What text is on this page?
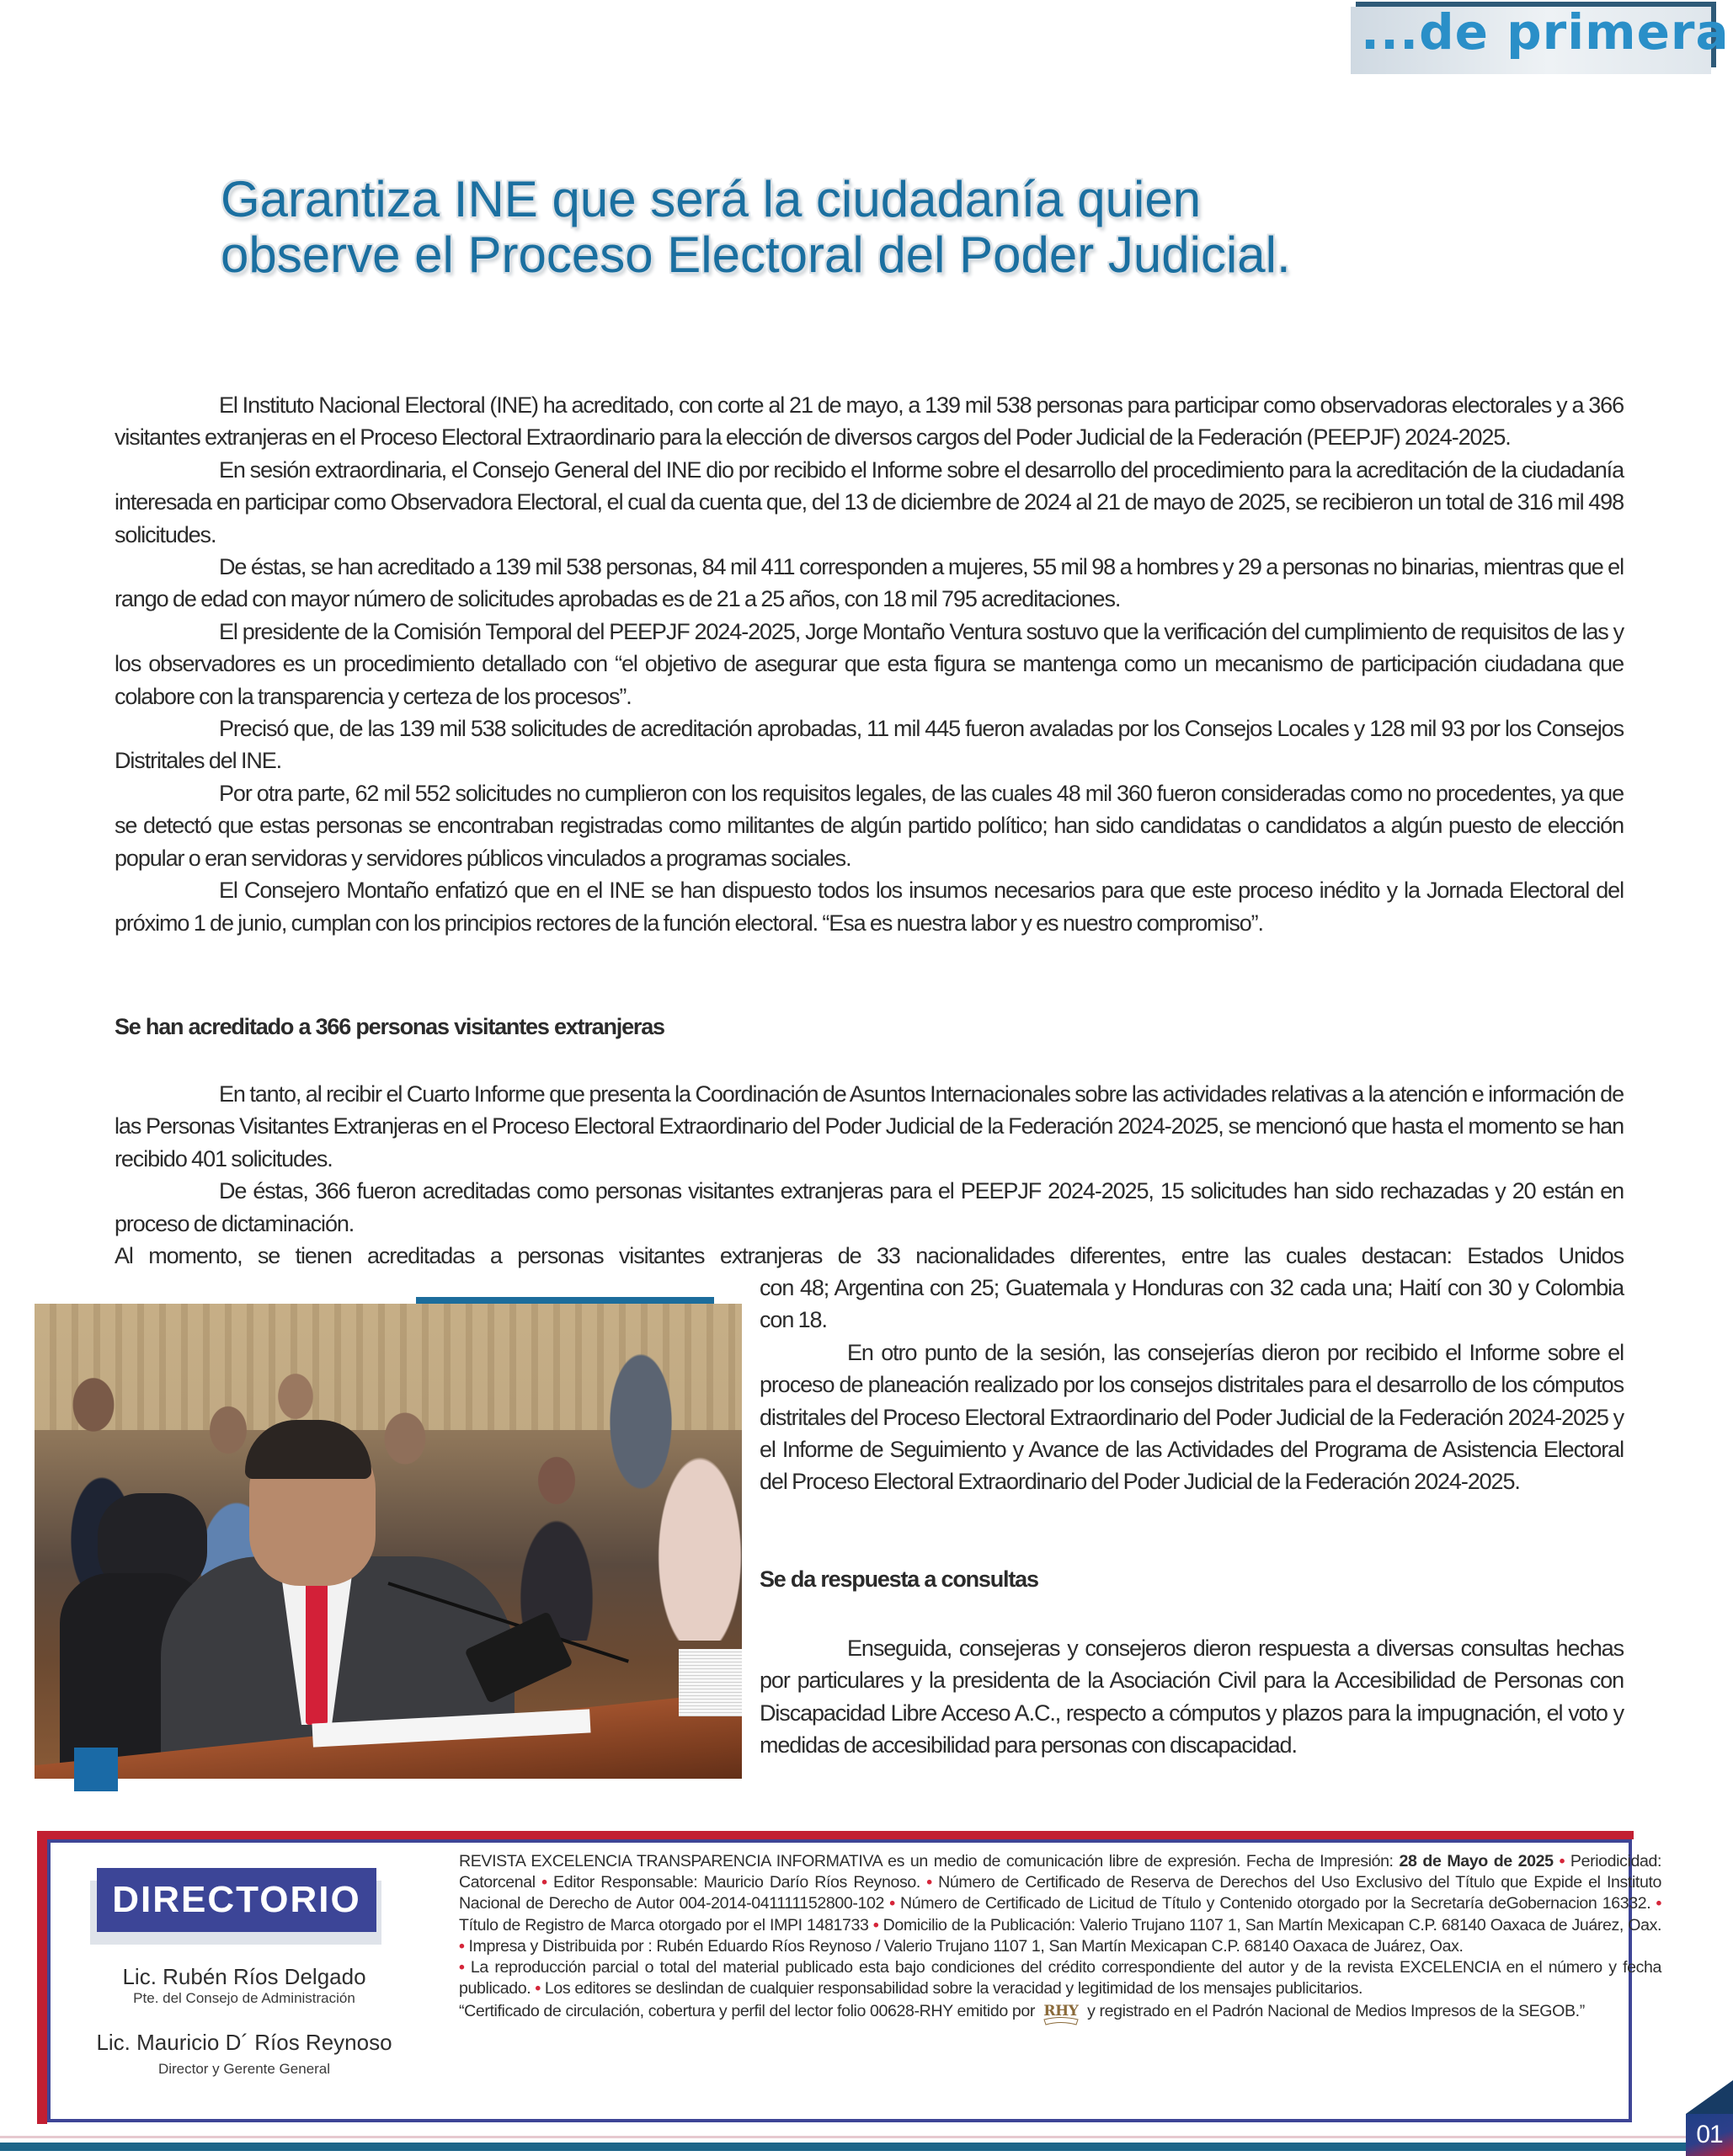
...de primera
Garantiza INE que será la ciudadanía quien
observe el Proceso Electoral del Poder Judicial.

El Instituto Nacional Electoral (INE) ha acreditado, con corte al 21 de mayo, a 139 mil 538 personas para participar como observadoras electorales y a 366 visitantes extranjeras en el Proceso Electoral Extraordinario para la elección de diversos cargos del Poder Judicial de la Federación (PEEPJF) 2024-2025.

En sesión extraordinaria, el Consejo General del INE dio por recibido el Informe sobre el desarrollo del procedimiento para la acreditación de la ciudadanía interesada en participar como Observadora Electoral, el cual da cuenta que, del 13 de diciembre de 2024 al 21 de mayo de 2025, se recibieron un total de 316 mil 498 solicitudes.

De éstas, se han acreditado a 139 mil 538 personas, 84 mil 411 corresponden a mujeres, 55 mil 98 a hombres y 29 a personas no binarias, mientras que el rango de edad con mayor número de solicitudes aprobadas es de 21 a 25 años, con 18 mil 795 acreditaciones.

El presidente de la Comisión Temporal del PEEPJF 2024-2025, Jorge Montaño Ventura sostuvo que la verificación del cumplimiento de requisitos de las y los observadores es un procedimiento detallado con “el objetivo de asegurar que esta figura se mantenga como un mecanismo de participación ciudadana que colabore con la transparencia y certeza de los procesos”.

Precisó que, de las 139 mil 538 solicitudes de acreditación aprobadas, 11 mil 445 fueron avaladas por los Consejos Locales y 128 mil 93 por los Consejos Distritales del INE.

Por otra parte, 62 mil 552 solicitudes no cumplieron con los requisitos legales, de las cuales 48 mil 360 fueron consideradas como no procedentes, ya que se detectó que estas personas se encontraban registradas como militantes de algún partido político; han sido candidatas o candidatos a algún puesto de elección popular o eran servidoras y servidores públicos vinculados a programas sociales.

El Consejero Montaño enfatizó que en el INE se han dispuesto todos los insumos necesarios para que este proceso inédito y la Jornada Electoral del próximo 1 de junio, cumplan con los principios rectores de la función electoral. “Esa es nuestra labor y es nuestro compromiso”.

Se han acreditado a 366 personas visitantes extranjeras

En tanto, al recibir el Cuarto Informe que presenta la Coordinación de Asuntos Internacionales sobre las actividades relativas a la atención e información de las Personas Visitantes Extranjeras en el Proceso Electoral Extraordinario del Poder Judicial de la Federación 2024-2025, se mencionó que hasta el momento se han recibido 401 solicitudes.

De éstas, 366 fueron acreditadas como personas visitantes extranjeras para el PEEPJF 2024-2025, 15 solicitudes han sido rechazadas y 20 están en proceso de dictaminación.

Al momento, se tienen acreditadas a personas visitantes extranjeras de 33 nacionalidades diferentes, entre las cuales destacan: Estados Unidos

con 48; Argentina con 25; Guatemala y Honduras con 32 cada una; Haití con 30 y Colombia con 18.

En otro punto de la sesión, las consejerías dieron por recibido el Informe sobre el proceso de planeación realizado por los consejos distritales para el desarrollo de los cómputos distritales del Proceso Electoral Extraordinario del Poder Judicial de la Federación 2024-2025 y el Informe de Seguimiento y Avance de las Actividades del Programa de Asistencia Electoral del Proceso Electoral Extraordinario del Poder Judicial de la Federación 2024-2025.

Se da respuesta a consultas

Enseguida, consejeras y consejeros dieron respuesta a diversas consultas hechas por particulares y la presidenta de la Asociación Civil para la Accesibilidad de Personas con Discapacidad Libre Acceso A.C., respecto a cómputos y plazos para la impugnación, el voto y medidas de accesibilidad para personas con discapacidad.

DIRECTORIO
Lic. Rubén Ríos Delgado
Pte. del Consejo de Administración
Lic. Mauricio D´ Ríos Reynoso
Director y Gerente General

REVISTA EXCELENCIA TRANSPARENCIA INFORMATIVA es un medio de comunicación libre de expresión. Fecha de Impresión: 28 de Mayo de 2025 • Periodicidad: Catorcenal • Editor Responsable: Mauricio Darío Ríos Reynoso. • Número de Certificado de Reserva de Derechos del Uso Exclusivo del Título que Expide el Instituto Nacional de Derecho de Autor 004-2014-041111152800-102 • Número de Certificado de Licitud de Título y Contenido otorgado por la Secretaría deGobernacion 16332. • Título de Registro de Marca otorgado por el IMPI 1481733 • Domicilio de la Publicación: Valerio Trujano 1107 1, San Martín Mexicapan C.P. 68140 Oaxaca de Juárez, Oax. • Impresa y Distribuida por : Rubén Eduardo Ríos Reynoso / Valerio Trujano 1107 1, San Martín Mexicapan C.P. 68140 Oaxaca de Juárez, Oax.

• La reproducción parcial o total del material publicado esta bajo condiciones del crédito correspondiente del autor y de la revista EXCELENCIA en el número y fecha publicado. • Los editores se deslindan de cualquier responsabilidad sobre la veracidad y legitimidad de los mensajes publicitarios.

“Certificado de circulación, cobertura y perfil del lector folio 00628-RHY emitido por RHY y registrado en el Padrón Nacional de Medios Impresos de la SEGOB.”

01
